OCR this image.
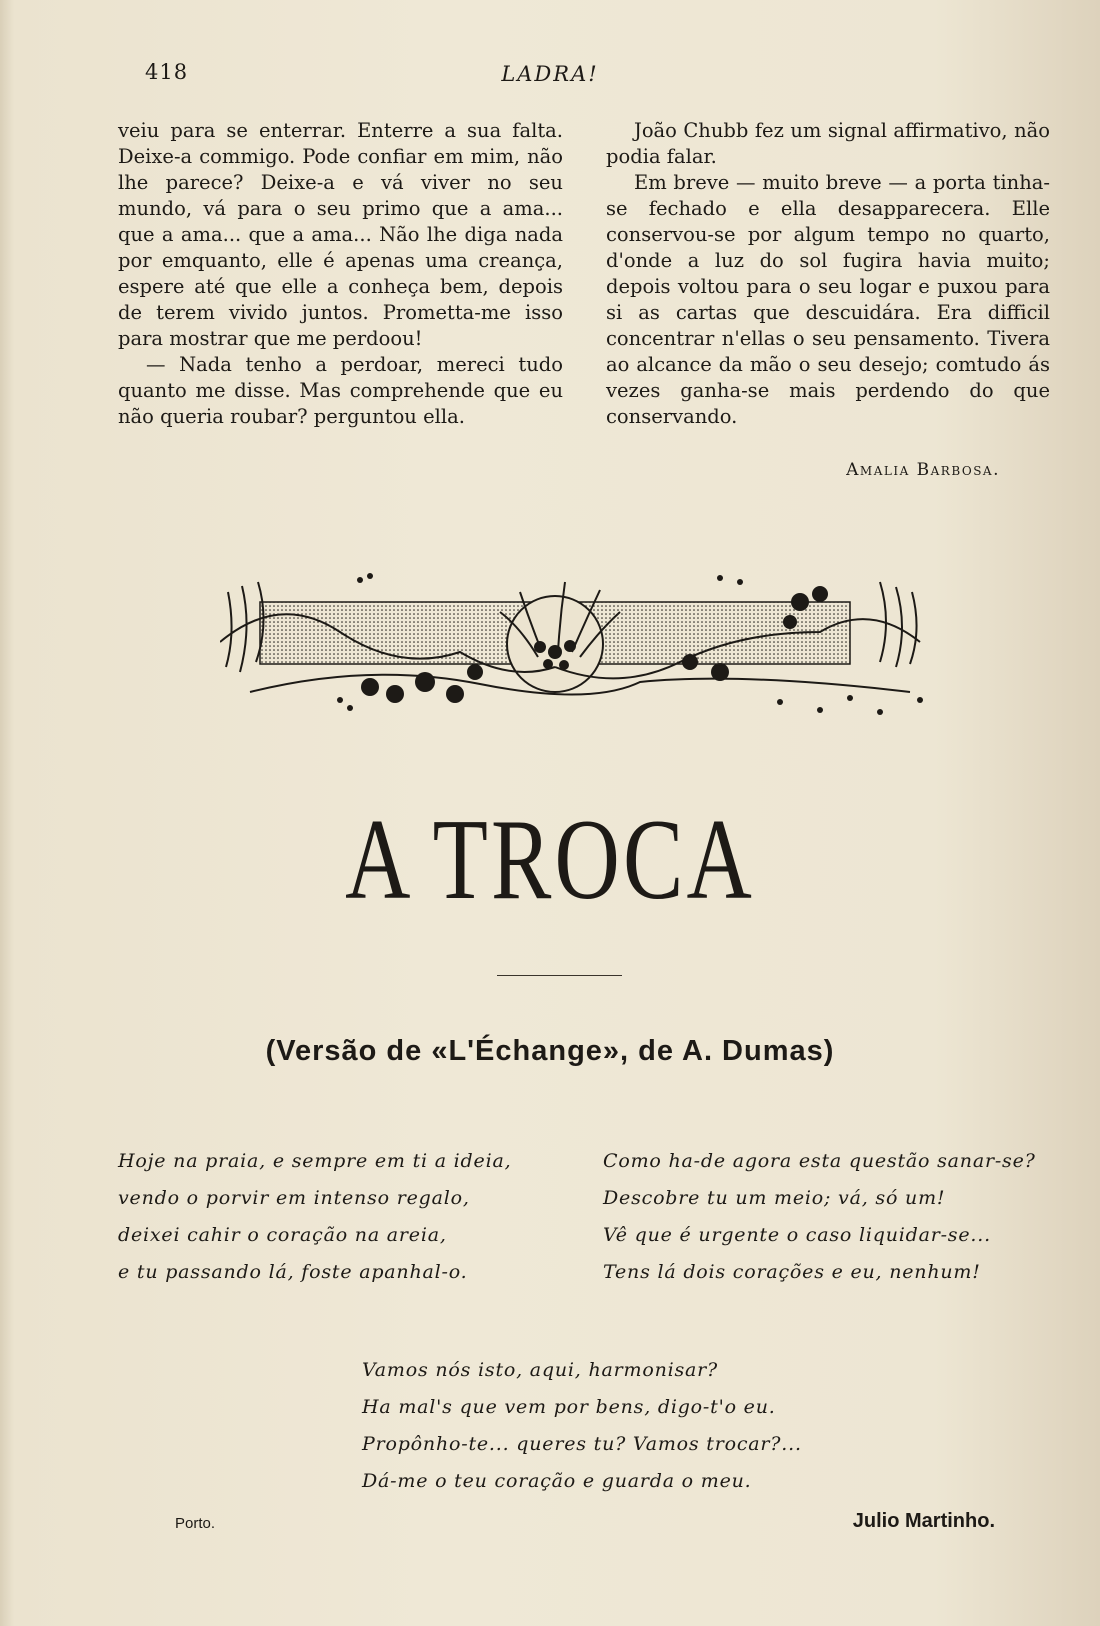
418	LADRA!

veiu para se enterrar. Enterre a sua falta. Deixe-a commigo. Pode confiar em mim, não lhe parece? Deixe-a e vá viver no seu mundo, vá para o seu primo que a ama... que a ama... que a ama... Não lhe diga nada por emquanto, elle é apenas uma creança, espere até que elle a conheça bem, depois de terem vivido juntos. Prometta-me isso para mostrar que me perdoou!

— Nada tenho a perdoar, mereci tudo quanto me disse. Mas comprehende que eu não queria roubar? perguntou ella.

João Chubb fez um signal affirmativo, não podia falar.

Em breve — muito breve — a porta tinha-se fechado e ella desapparecera. Elle conservou-se por algum tempo no quarto, d'onde a luz do sol fugira havia muito; depois voltou para o seu logar e puxou para si as cartas que descuidára. Era difficil concentrar n'ellas o seu pensamento. Tivera ao alcance da mão o seu desejo; comtudo ás vezes ganha-se mais perdendo do que conservando.

Amalia Barbosa.
A TROCA
(Versão de «L'Échange», de A. Dumas)
Hoje na praia, e sempre em ti a ideia,
vendo o porvir em intenso regalo,
deixei cahir o coração na areia,
e tu passando lá, foste apanhal-o.
Como ha-de agora esta questão sanar-se?
Descobre tu um meio; vá, só um!
Vê que é urgente o caso liquidar-se...
Tens lá dois corações e eu, nenhum!
Vamos nós isto, aqui, harmonisar?
Ha mal's que vem por bens, digo-t'o eu.
Propônho-te... queres tu? Vamos trocar?...
Dá-me o teu coração e guarda o meu.
Porto.	Julio Martinho.
